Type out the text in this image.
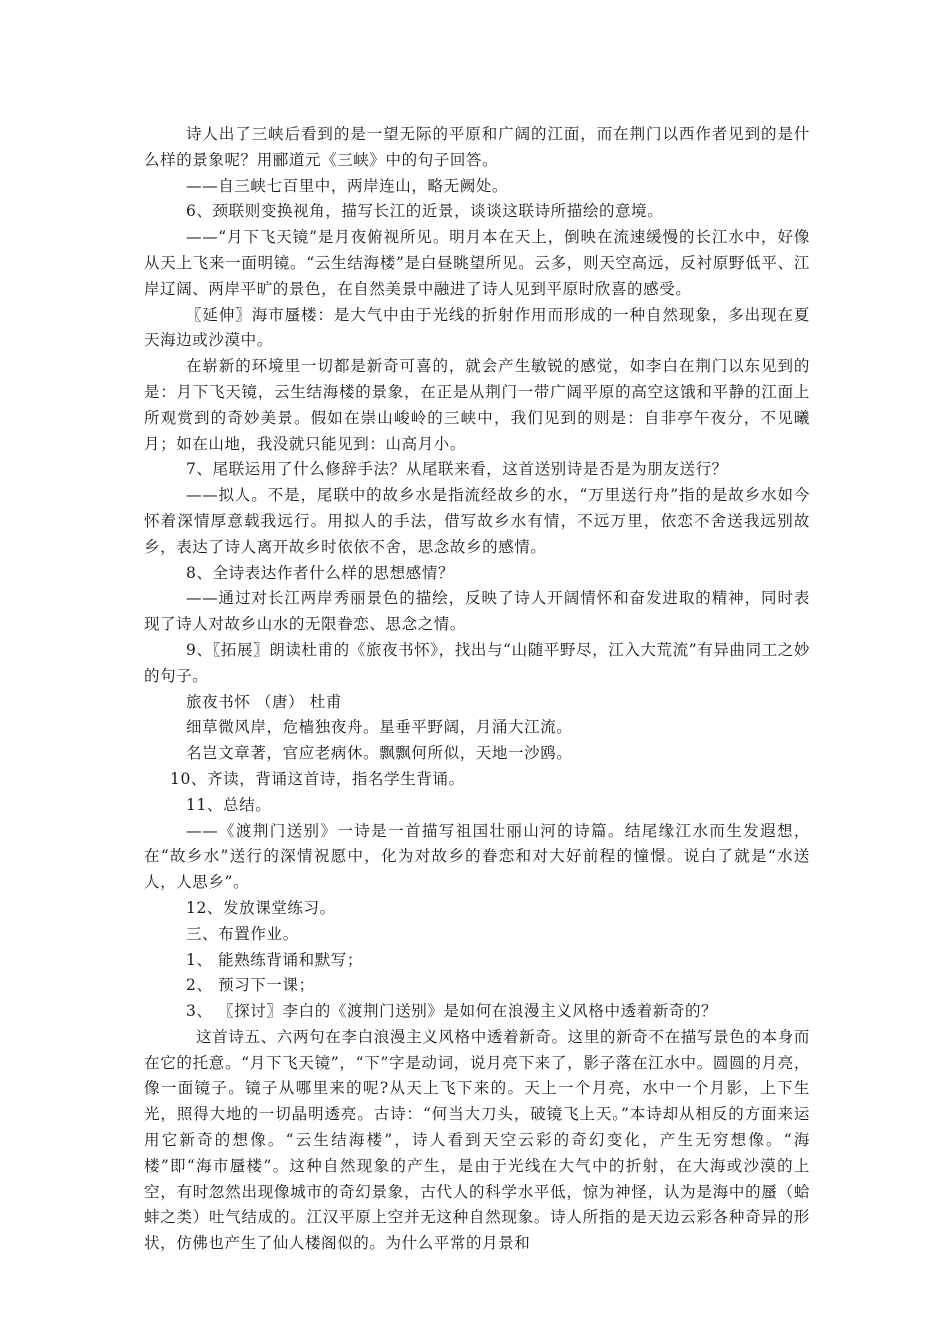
诗人出了三峡后看到的是一望无际的平原和广阔的江面，而在荆门以西作者见到的是什么样的景象呢？用郦道元《三峡》中的句子回答。

——自三峡七百里中，两岸连山，略无阙处。

6、颈联则变换视角，描写长江的近景，谈谈这联诗所描绘的意境。

——“月下飞天镜”是月夜俯视所见。明月本在天上，倒映在流速缓慢的长江水中，好像从天上飞来一面明镜。“云生结海楼”是白昼眺望所见。云多，则天空高远，反衬原野低平、江岸辽阔、两岸平旷的景色，在自然美景中融进了诗人见到平原时欣喜的感受。

〖延伸〗海市蜃楼：是大气中由于光线的折射作用而形成的一种自然现象，多出现在夏天海边或沙漠中。

在崭新的环境里一切都是新奇可喜的，就会产生敏锐的感觉，如李白在荆门以东见到的是：月下飞天镜，云生结海楼的景象，在正是从荆门一带广阔平原的高空这饿和平静的江面上所观赏到的奇妙美景。假如在崇山峻岭的三峡中，我们见到的则是：自非亭午夜分，不见曦月；如在山地，我没就只能见到：山高月小。

7、尾联运用了什么修辞手法？从尾联来看，这首送别诗是否是为朋友送行？

——拟人。不是，尾联中的故乡水是指流经故乡的水，“万里送行舟”指的是故乡水如今怀着深情厚意载我远行。用拟人的手法，借写故乡水有情，不远万里，依恋不舍送我远别故乡，表达了诗人离开故乡时依依不舍，思念故乡的感情。

8、全诗表达作者什么样的思想感情？

——通过对长江两岸秀丽景色的描绘，反映了诗人开阔情怀和奋发进取的精神，同时表现了诗人对故乡山水的无限眷恋、思念之情。

9、〖拓展〗朗读杜甫的《旅夜书怀》，找出与“山随平野尽，江入大荒流”有异曲同工之妙的句子。

旅夜书怀 （唐） 杜甫

细草微风岸，危樯独夜舟。星垂平野阔，月涌大江流。

名岂文章著，官应老病休。飘飘何所似，天地一沙鸥。

10、齐读，背诵这首诗，指名学生背诵。

11、总结。

——《渡荆门送别》一诗是一首描写祖国壮丽山河的诗篇。结尾缘江水而生发遐想，在“故乡水”送行的深情祝愿中，化为对故乡的眷恋和对大好前程的憧憬。说白了就是“水送人，人思乡”。

12、发放课堂练习。

三、布置作业。

1、 能熟练背诵和默写；

2、 预习下一课；

3、 〖探讨〗李白的《渡荆门送别》是如何在浪漫主义风格中透着新奇的？

这首诗五、六两句在李白浪漫主义风格中透着新奇。这里的新奇不在描写景色的本身而在它的托意。“月下飞天镜”，“下”字是动词，说月亮下来了，影子落在江水中。圆圆的月亮，像一面镜子。镜子从哪里来的呢?从天上飞下来的。天上一个月亮，水中一个月影，上下生光，照得大地的一切晶明透亮。古诗：“何当大刀头，破镜飞上天。”本诗却从相反的方面来运用它新奇的想像。“云生结海楼”，诗人看到天空云彩的奇幻变化，产生无穷想像。“海楼”即“海市蜃楼”。这种自然现象的产生，是由于光线在大气中的折射，在大海或沙漠的上空，有时忽然出现像城市的奇幻景象，古代人的科学水平低，惊为神怪，认为是海中的蜃（蛤蚌之类）吐气结成的。江汉平原上空并无这种自然现象。诗人所指的是天边云彩各种奇异的形状，仿佛也产生了仙人楼阁似的。为什么平常的月景和
